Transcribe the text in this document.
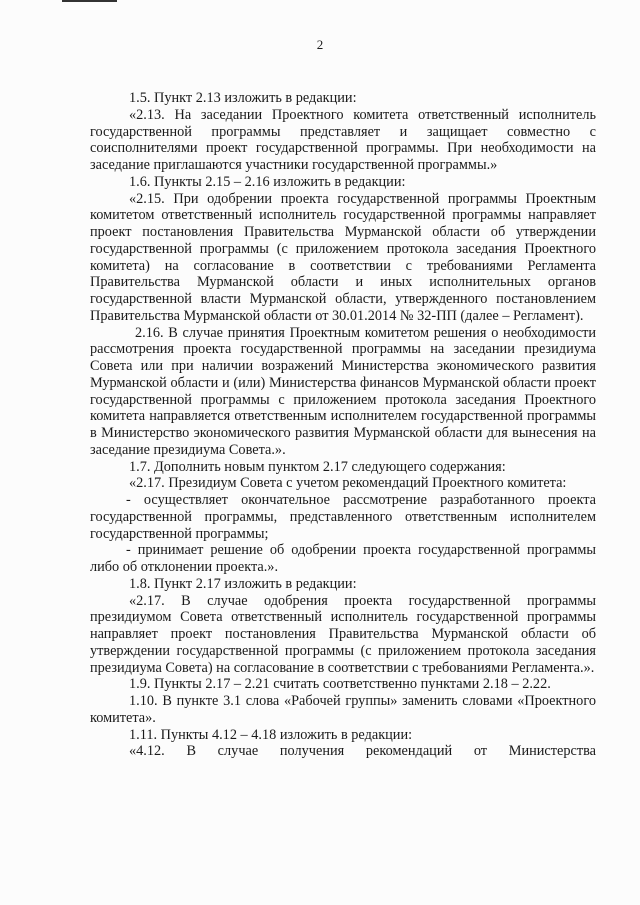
2

1.5. Пункт 2.13 изложить в редакции:

«2.13. На заседании Проектного комитета ответственный исполнитель государственной программы представляет и защищает совместно с соисполнителями проект государственной программы. При необходимости на заседание приглашаются участники государственной программы.»

1.6. Пункты 2.15 – 2.16 изложить в редакции:

«2.15. При одобрении проекта государственной программы Проектным комитетом ответственный исполнитель государственной программы направляет проект постановления Правительства Мурманской области об утверждении государственной программы (с приложением протокола заседания Проектного комитета) на согласование в соответствии с требованиями Регламента Правительства Мурманской области и иных исполнительных органов государственной власти Мурманской области, утвержденного постановлением Правительства Мурманской области от 30.01.2014 № 32-ПП (далее – Регламент).

2.16. В случае принятия Проектным комитетом решения о необходимости рассмотрения проекта государственной программы на заседании президиума Совета или при наличии возражений Министерства экономического развития Мурманской области и (или) Министерства финансов Мурманской области проект государственной программы с приложением протокола заседания Проектного комитета направляется ответственным исполнителем государственной программы в Министерство экономического развития Мурманской области для вынесения на заседание президиума Совета.».

1.7. Дополнить новым пунктом 2.17 следующего содержания:

«2.17. Президиум Совета с учетом рекомендаций Проектного комитета:

- осуществляет окончательное рассмотрение разработанного проекта государственной программы, представленного ответственным исполнителем государственной программы;

- принимает решение об одобрении проекта государственной программы либо об отклонении проекта.».

1.8. Пункт 2.17 изложить в редакции:

«2.17. В случае одобрения проекта государственной программы президиумом Совета ответственный исполнитель государственной программы направляет проект постановления Правительства Мурманской области об утверждении государственной программы (с приложением протокола заседания президиума Совета) на согласование в соответствии с требованиями Регламента.».

1.9. Пункты 2.17 – 2.21 считать соответственно пунктами 2.18 – 2.22.

1.10. В пункте 3.1 слова «Рабочей группы» заменить словами «Проектного комитета».

1.11. Пункты 4.12 – 4.18 изложить в редакции:

«4.12. В случае получения рекомендаций от Министерства
